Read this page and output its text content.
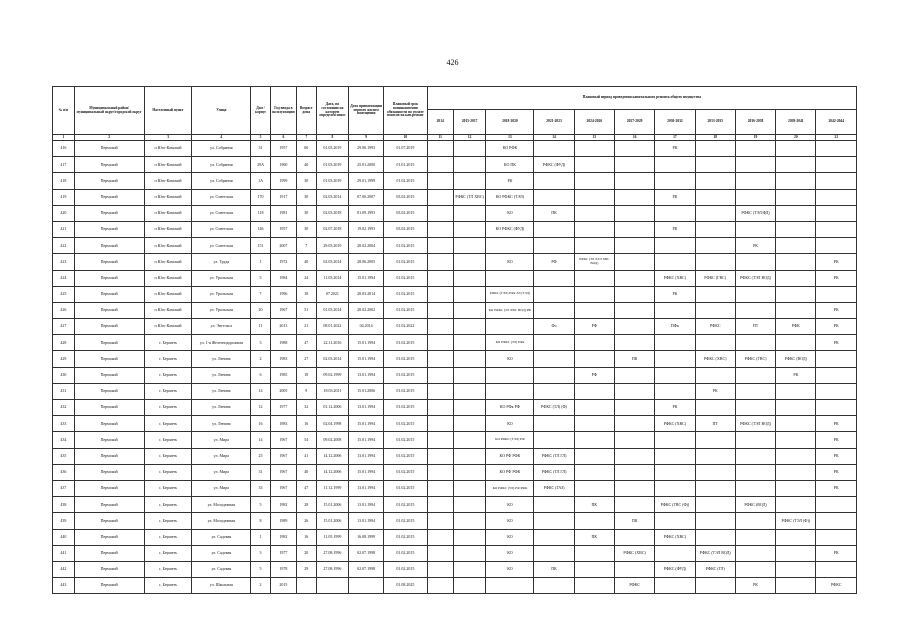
426
№ п/п	Муниципальный район/муниципальный округ/городской округ	Населенный пункт	Улица	Дом / корпус	Год ввода в эксплуатацию	Возраст дома	Дата, по состоянию на которую определен износ	Дата приватизации первого жилого помещения	Плановый срок возникновения обязанности по уплате взносов на кап.ремонт	Плановый период проведения капитального ремонта общего имущества										
										2014	2015-2017	2018-2020	2021-2023	2024-2026	2027-2029	2030-2032	2033-2035	2036-2038	2039-2041	2042-2044
1	2	3	4	5	6	7	8	9	10	11	12	13	14	15	16	17	18	19	20	21
416	Пермский	п Юго-Камский	ул. Собрания	31	1957	60	01.03.2019	29.06.1993	01.07.2019			КО РФК				РК				
417	Пермский	п Юго-Камский	ул. Собрания	29А	1960	40	01.03.2019	25.01.2000	01.01.2015			КО ПК	РФКС (ФУД)							
418	Пермский	п Юго-Камский	ул. Собрания	1А	1999	30	01.03.2019	29.01.1999	01.02.2015			РК								
419	Пермский	п Юго-Камский	ул. Советская	170	1917	30	02.03.2014	07.06.2007	03.02.2015		РФКС (ТЛ ХВС)	КО РФКС (ТЭЛ)				РК				
420	Пермский	п Юго-Камский	ул. Советская	118	1981	30	02.03.2018	01.09.1993	03.02.2015			КО	ПК					РФКС (ТЭЛ/ФД)		
421	Пермский	п Юго-Камский	ул. Советская	146	1957	30	02.07.2018	19.02.1993	03.02.2015			КО РФКС (ФУД)				РК				
422	Пермский	п Юго-Камский	ул. Советская	151	2007	7	29.03.2019	20.02.2004	01.02.2015									РК		
423	Пермский	п Юго-Камский	ул. Труда	1	1972	40	02.03.2014	28.06.2005	01.02.2015			КО	РФ	РФКС (ТЛ ХГЛ ХВС ВОД)						РК
424	Пермский	п Юго-Камский	ул. Уральская	5	1984	24	11.03.2014	15.01.1994	01.02.2015							РФКС (ХВС)	РФКС (ГВС)	РФКС (ТЭЛ ВОД)		РК
425	Пермский	п Юго-Камский	ул. Уральская	7	1996	18	07.2021	20.03.2014	01.02.2015			РФКС (ТЭЛ) РФк ЭЛ (ТЭД)				РК				
426	Пермский	п Юго-Камский	ул. Уральская	20	1967	51	01.03.2014	20.02.2002	01.02.2015			КО РФКС (ТЛ ХВС ВОД) РФ								РК
427	Пермский	п Юго-Камский	ул. Энгельса	11	2013	21	08.01.2022	04.2014	01.02.2022				Фо	РФ		ПФк	РФКС	ПТ	РФК	РК
428	Пермский	с. Бершеть	ул. 1-я Железнодорожная	3	1988	47	22.11.2016	15.01.1994	01.02.2015			КО РФКС (ТЛ) РФк								РК
429	Пермский	с. Бершеть	ул. Ленина	2	1983	27	02.03.2014	15.01.1994	01.02.2015			КО			ПК		РФКС (ХВС)	РФКС (ГВС)	РФКС (ВОД)	
430	Пермский	с. Бершеть	ул. Ленина	6	1985	18	09.02.1999	13.01.1994	01.02.2015					РФ					РК	
431	Пермский	с. Бершеть	ул. Ленина	14	2005	9	18.03.2011	15.01.2006	01.02.2015								РК			
432	Пермский	с. Бершеть	ул. Ленина	12	1977	32	01.12.2006	13.01.1994	01.02.2015			КО РФк РФ	РФКС (ТЛ) (Ф)			РК				
433	Пермский	с. Бершеть	ул. Ленина	16	1983	16	02.04.1998	15.01.1994	01.02.2015			КО				РФКС (ХВС)	ПТ	РФКС (ТЭЛ ВОД)		РК
434	Пермский	с. Бершеть	ул. Мира	14	1967	54	09.02.2008	15.01.1994	01.02.2015			КО РФКС (ТЭЛ) РФ								РК
435	Пермский	с. Бершеть	ул. Мира	25	1967	41	14.12.2006	13.01.1994	01.02.2015			КО РФ РФК	РФКС (ТЛ ГЛ)							РК
436	Пермский	с. Бершеть	ул. Мира	31	1967	40	14.12.2006	15.01.1994	01.02.2015			КО РФ РФК	РФКС (ТЛ ГЛ)							РК
437	Пермский	с. Бершеть	ул. Мира	33	1967	47	11.12.1999	13.01.1994	01.02.2015			КО РФКС (ТЛ) РФ РФК	РФКС (ГАЗ)							РК
438	Пермский	с. Бершеть	ул. Молодежная	5	1982	28	15.01.2006	13.01.1994	01.02.2015			КО		ПК		РФКС (ГВС (Ф))		РФКС (ВОД)		
439	Пермский	с. Бершеть	ул. Молодежная	8	1989	26	15.01.2006	13.01.1994	01.02.2015			КО			ПК				РФКС (ТЭЛ (Ф))	
440	Пермский	с. Бершеть	ул. Садовая	1	1982	16	11.05.1999	16.08.1999	01.02.2015			КО		ПК		РФКС (ХВС)				
441	Пермский	с. Бершеть	ул. Садовая	3	1977	20	27.08.1996	02.07.1998	01.02.2015			КО			РФКС (ХВС)		РФКС (ТЭЛ ВОД)			РК
442	Пермский	с. Бершеть	ул. Садовая	5	1978	29	27.08.1996	02.07.1998	01.02.2015			КО	ПК			РФКС (ФУД)	РФКС (ГЛ)			
443	Пермский	с. Бершеть	ул. Школьная	2	2015				01.08.2025						РФКС			РК		РФКС
